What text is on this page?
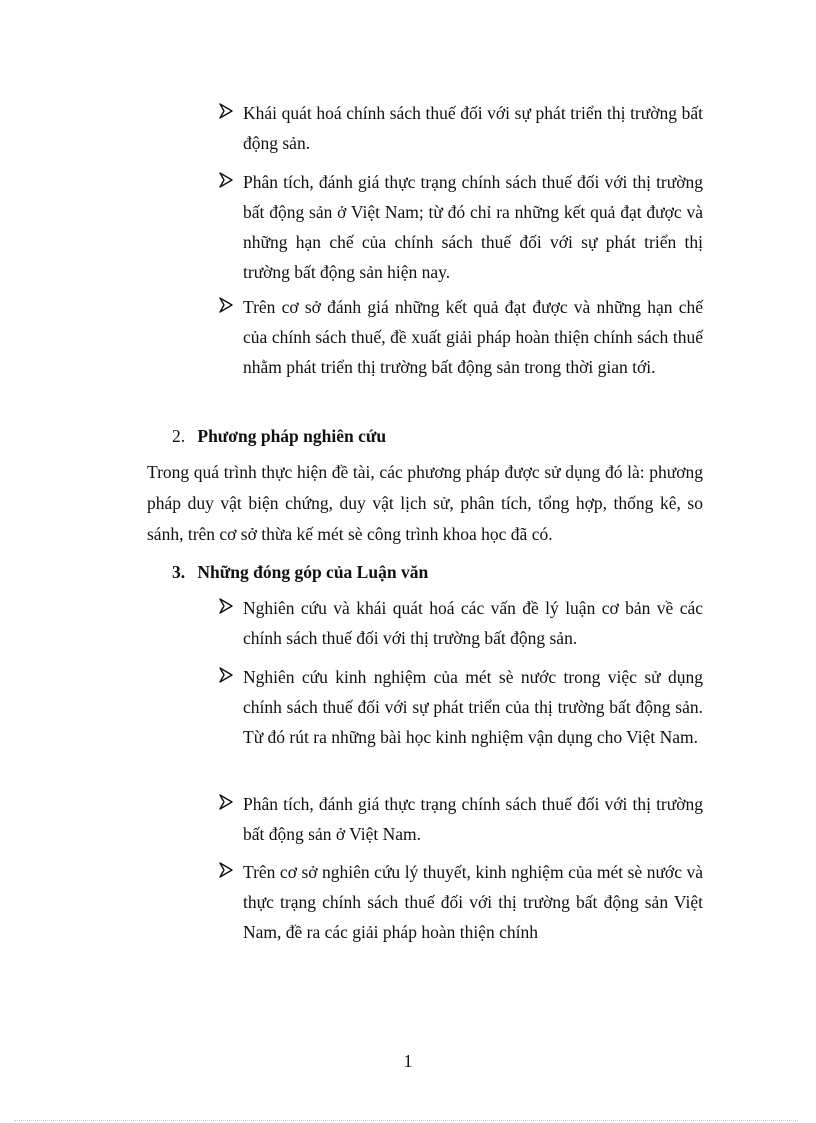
Khái quát hoá chính sách thuế đối với sự phát triển thị trường bất động sản.
Phân tích, đánh giá thực trạng chính sách thuế đối với thị trường bất động sản ở Việt Nam; từ đó chỉ ra những kết quả đạt được và những hạn chế của chính sách thuế đối với sự phát triển thị trường bất động sản hiện nay.
Trên cơ sở đánh giá những kết quả đạt được và những hạn chế của chính sách thuế, đề xuất giải pháp hoàn thiện chính sách thuế nhằm phát triển thị trường bất động sản trong thời gian tới.
2. Phương pháp nghiên cứu
Trong quá trình thực hiện đề tài, các phương pháp được sử dụng đó là: phương pháp duy vật biện chứng, duy vật lịch sử, phân tích, tổng hợp, thống kê, so sánh, trên cơ sở thừa kế mét sè công trình khoa học đã có.
3. Những đóng góp của Luận văn
Nghiên cứu và khái quát hoá các vấn đề lý luận cơ bản về các chính sách thuế đối với thị trường bất động sản.
Nghiên cứu kinh nghiệm của mét sè nước trong việc sử dụng chính sách thuế đối với sự phát triển của thị trường bất động sản. Từ đó rút ra những bài học kinh nghiệm vận dụng cho Việt Nam.
Phân tích, đánh giá thực trạng chính sách thuế đối với thị trường bất động sản ở Việt Nam.
Trên cơ sở nghiên cứu lý thuyết, kinh nghiệm của mét sè nước và thực trạng chính sách thuế đối với thị trường bất động sản Việt Nam, đề ra các giải pháp hoàn thiện chính
1
